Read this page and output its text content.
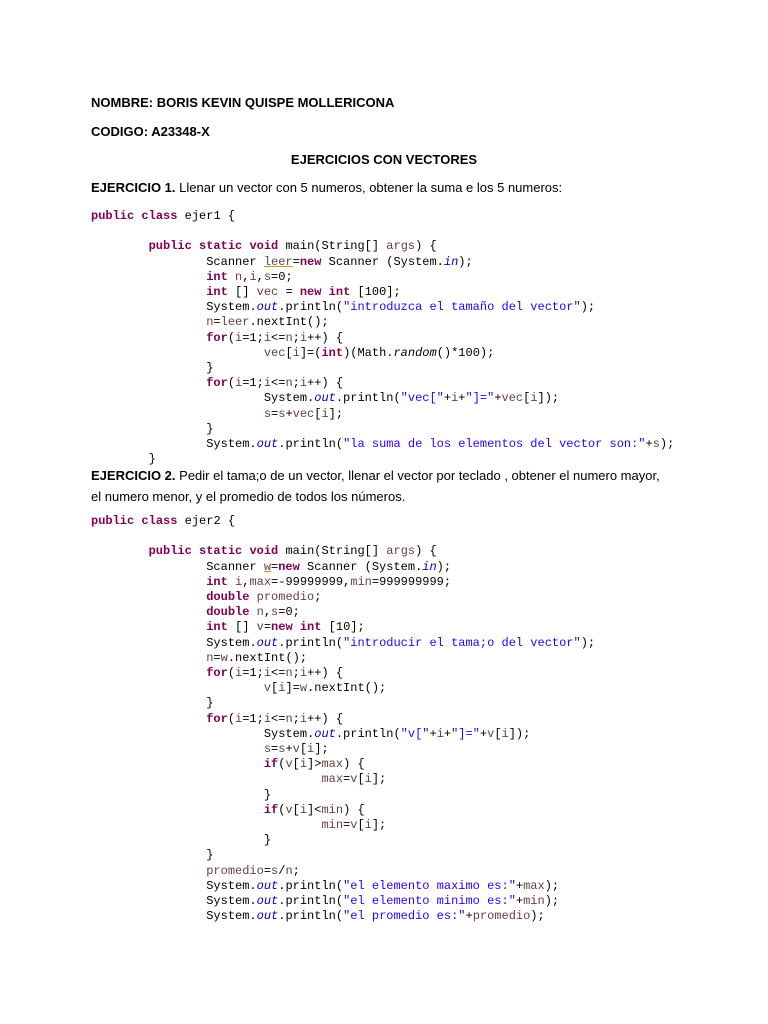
NOMBRE: BORIS KEVIN QUISPE MOLLERICONA
CODIGO: A23348-X
EJERCICIOS CON VECTORES
EJERCICIO 1. Llenar un vector con 5 numeros, obtener la suma e los 5 numeros:
public class ejer1 {

public static void main(String[] args) {
Scanner leer=new Scanner (System.in);
int n,i,s=0;
int [] vec = new int [100];
System.out.println("introduzca el tamaño del vector");
n=leer.nextInt();
for(i=1;i<=n;i++) {
vec[i]=(int)(Math.random()*100);
}
for(i=1;i<=n;i++) {
System.out.println("vec["+i+"]="+vec[i]);
s=s+vec[i];
}
System.out.println("la suma de los elementos del vector son:"+s);
}
EJERCICIO 2. Pedir el tama;o de un vector, llenar el vector por teclado , obtener el numero mayor, el numero menor, y el promedio de todos los números.
public class ejer2 {

public static void main(String[] args) {
Scanner w=new Scanner (System.in);
int i,max=-99999999,min=999999999;
double promedio;
double n,s=0;
int [] v=new int [10];
System.out.println("introducir el tama;o del vector");
n=w.nextInt();
for(i=1;i<=n;i++) {
v[i]=w.nextInt();
}
for(i=1;i<=n;i++) {
System.out.println("v["+i+"]="+v[i]);
s=s+v[i];
if(v[i]>max) {
max=v[i];
}
if(v[i]<min) {
min=v[i];
}
}
promedio=s/n;
System.out.println("el elemento maximo es:"+max);
System.out.println("el elemento minimo es:"+min);
System.out.println("el promedio es:"+promedio);
